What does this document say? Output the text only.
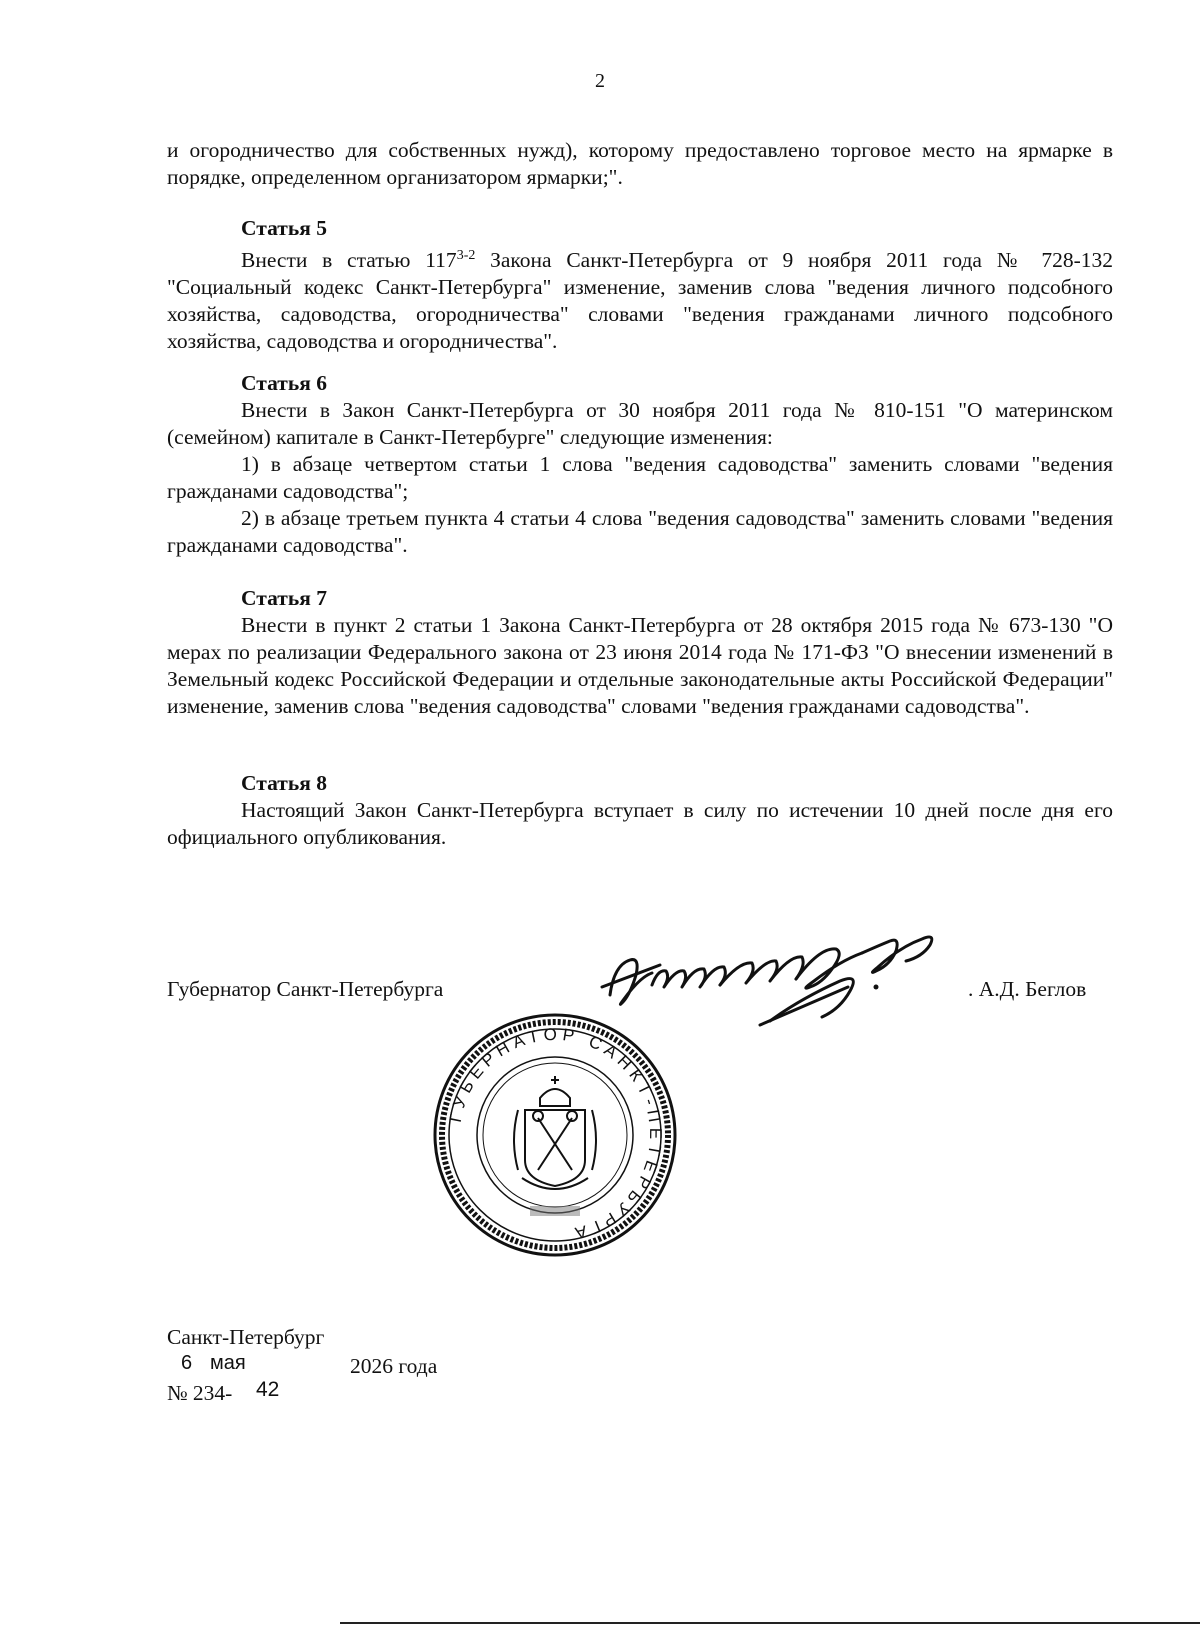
2

и огородничество для собственных нужд), которому предоставлено торговое место на ярмарке в порядке, определенном организатором ярмарки;".

Статья 5

Внести в статью 117$^{3-2}$ Закона Санкт-Петербурга от 9 ноября 2011 года № 728-132 "Социальный кодекс Санкт-Петербурга" изменение, заменив слова "ведения личного подсобного хозяйства, садоводства, огородничества" словами "ведения гражданами личного подсобного хозяйства, садоводства и огородничества".

Статья 6

Внести в Закон Санкт-Петербурга от 30 ноября 2011 года № 810-151 "О материнском (семейном) капитале в Санкт-Петербурге" следующие изменения:

1) в абзаце четвертом статьи 1 слова "ведения садоводства" заменить словами "ведения гражданами садоводства";

2) в абзаце третьем пункта 4 статьи 4 слова "ведения садоводства" заменить словами "ведения гражданами садоводства".

Статья 7

Внести в пункт 2 статьи 1 Закона Санкт-Петербурга от 28 октября 2015 года № 673-130 "О мерах по реализации Федерального закона от 23 июня 2014 года № 171-ФЗ "О внесении изменений в Земельный кодекс Российской Федерации и отдельные законодательные акты Российской Федерации" изменение, заменив слова "ведения садоводства" словами "ведения гражданами садоводства".

Статья 8

Настоящий Закон Санкт-Петербурга вступает в силу по истечении 10 дней после дня его официального опубликования.

Губернатор Санкт-Петербурга	. А.Д. Беглов
ГУБЕРНАТОР САНКТ-ПЕТЕРБУРГА
Санкт-Петербург
6 мая	2026 года
№ 234- 42
